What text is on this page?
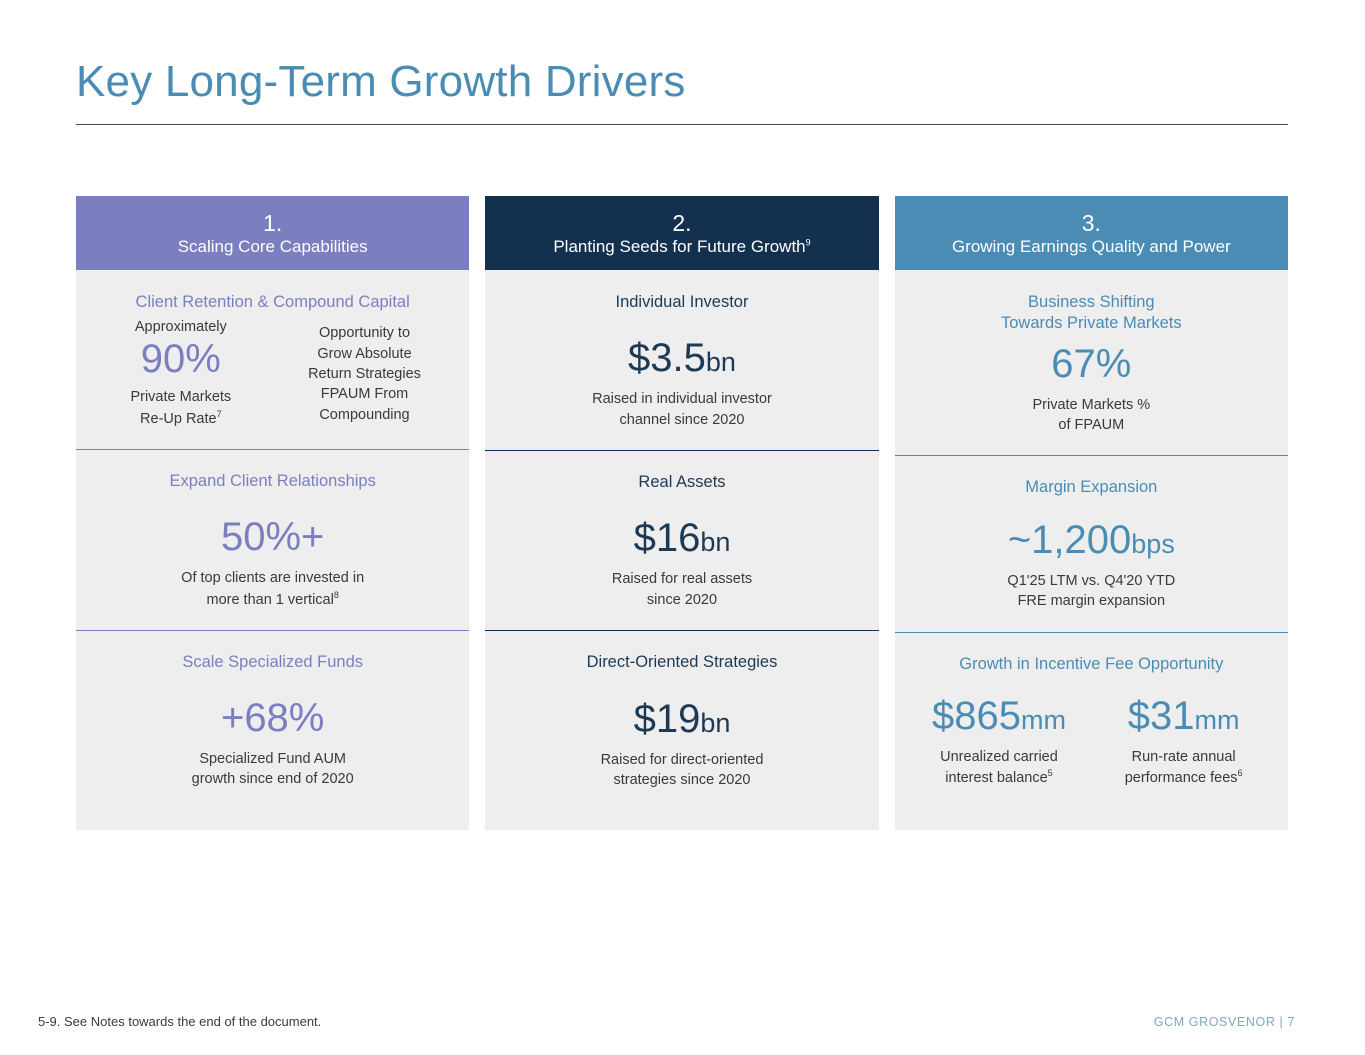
Key Long-Term Growth Drivers
1.
Scaling Core Capabilities
Client Retention & Compound Capital
Approximately
90%
Private Markets
Re-Up Rate$^7$
Opportunity to
Grow Absolute
Return Strategies
FPAUM From
Compounding
Expand Client Relationships
50%+
Of top clients are invested in
more than 1 vertical$^8$
Scale Specialized Funds
+68%
Specialized Fund AUM
growth since end of 2020
2.
Planting Seeds for Future Growth$^9$
Individual Investor
$3.5bn
Raised in individual investor
channel since 2020
Real Assets
$16bn
Raised for real assets
since 2020
Direct-Oriented Strategies
$19bn
Raised for direct-oriented
strategies since 2020
3.
Growing Earnings Quality and Power
Business Shifting
Towards Private Markets
67%
Private Markets %
of FPAUM
Margin Expansion
~1,200bps
Q1'25 LTM vs. Q4'20 YTD
FRE margin expansion
Growth in Incentive Fee Opportunity
$865mm
Unrealized carried
interest balance$^5$
$31mm
Run-rate annual
performance fees$^6$
5-9. See Notes towards the end of the document.	GCM GROSVENOR | 7
